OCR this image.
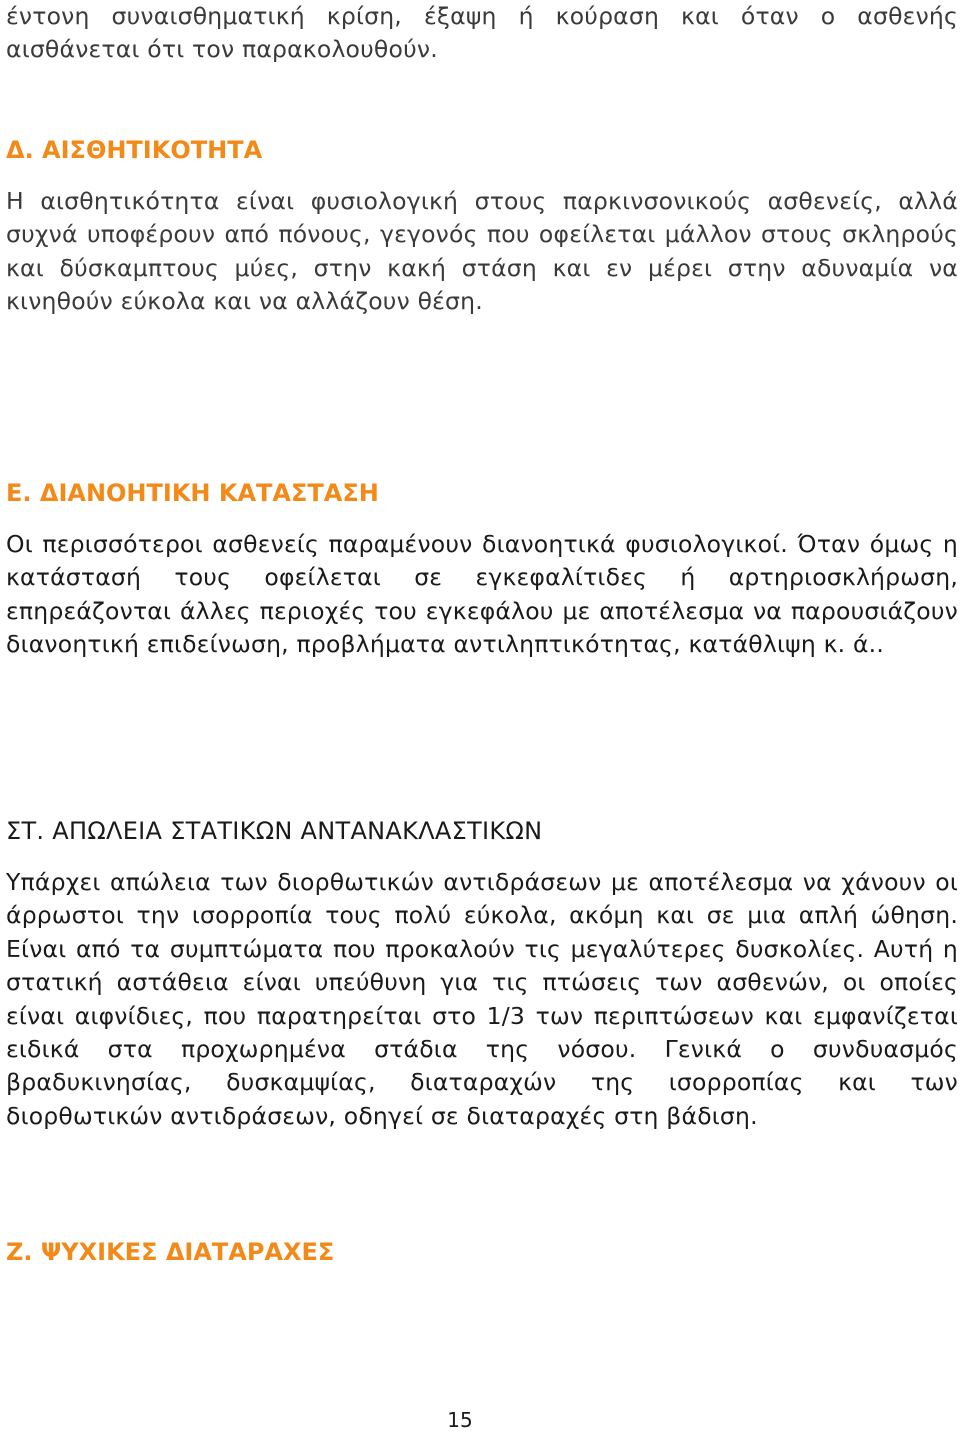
έντονη συναισθηματική κρίση, έξαψη ή κούραση και όταν ο ασθενής αισθάνεται ότι τον παρακολουθούν.

Δ. ΑΙΣΘΗΤΙΚΟΤΗΤΑ

Η αισθητικότητα είναι φυσιολογική στους παρκινσονικούς ασθενείς, αλλά συχνά υποφέρουν από πόνους, γεγονός που οφείλεται μάλλον στους σκληρούς και δύσκαμπτους μύες, στην κακή στάση και εν μέρει στην αδυναμία να κινηθούν εύκολα και να αλλάζουν θέση.

Ε. ΔΙΑΝΟΗΤΙΚΗ ΚΑΤΑΣΤΑΣΗ

Οι περισσότεροι ασθενείς παραμένουν διανοητικά φυσιολογικοί. Όταν όμως η κατάστασή τους οφείλεται σε εγκεφαλίτιδες ή αρτηριοσκλήρωση, επηρεάζονται άλλες περιοχές του εγκεφάλου με αποτέλεσμα να παρουσιάζουν διανοητική επιδείνωση, προβλήματα αντιληπτικότητας, κατάθλιψη κ. ά..

ΣΤ. ΑΠΩΛΕΙΑ ΣΤΑΤΙΚΩΝ ΑΝΤΑΝΑΚΛΑΣΤΙΚΩΝ

Υπάρχει απώλεια των διορθωτικών αντιδράσεων με αποτέλεσμα να χάνουν οι άρρωστοι την ισορροπία τους πολύ εύκολα, ακόμη και σε μια απλή ώθηση. Είναι από τα συμπτώματα που προκαλούν τις μεγαλύτερες δυσκολίες. Αυτή η στατική αστάθεια είναι υπεύθυνη για τις πτώσεις των ασθενών, οι οποίες είναι αιφνίδιες, που παρατηρείται στο 1/3 των περιπτώσεων και εμφανίζεται ειδικά στα προχωρημένα στάδια της νόσου. Γενικά ο συνδυασμός βραδυκινησίας, δυσκαμψίας, διαταραχών της ισορροπίας και των διορθωτικών αντιδράσεων, οδηγεί σε διαταραχές στη βάδιση.

Ζ. ΨΥΧΙΚΕΣ ΔΙΑΤΑΡΑΧΕΣ
15
